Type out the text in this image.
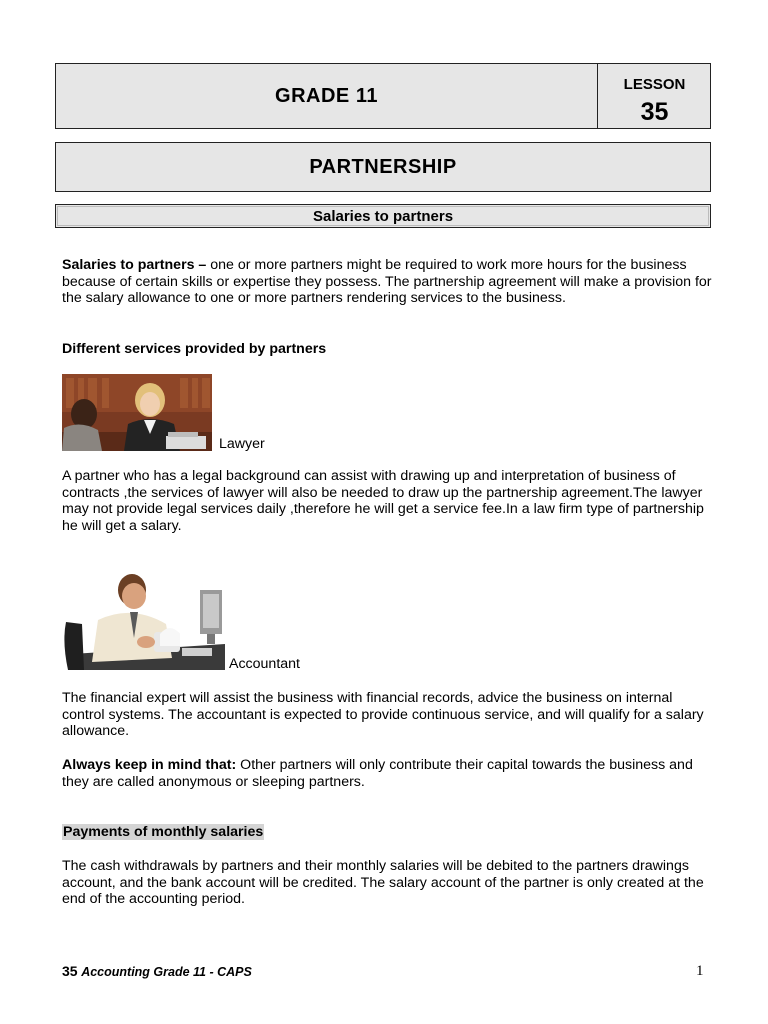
GRADE 11	LESSON
35
PARTNERSHIP
Salaries to partners

Salaries to partners – one or more partners might be required to work more hours for the business because of certain skills or expertise they possess. The partnership agreement will make a provision for the salary allowance to one or more partners rendering services to the business.

Different services provided by partners

Lawyer

A partner who has a legal background can assist with drawing up and interpretation of business of contracts ,the services of lawyer will also be needed to draw up the partnership agreement.The lawyer may not provide legal services daily ,therefore he will get a service fee.In a law firm type of partnership he will get a salary.

Accountant

The financial expert will assist the business with financial records, advice the business on internal control systems. The accountant is expected to provide continuous service, and will qualify for a salary allowance.

Always keep in mind that: Other partners will only contribute their capital towards the business and they are called anonymous or sleeping partners.

Payments of monthly salaries

The cash withdrawals by partners and their monthly salaries will be debited to the partners drawings account, and the bank account will be credited. The salary account of the partner is only created at the end of the accounting period.

35 Accounting Grade 11 - CAPS	1
